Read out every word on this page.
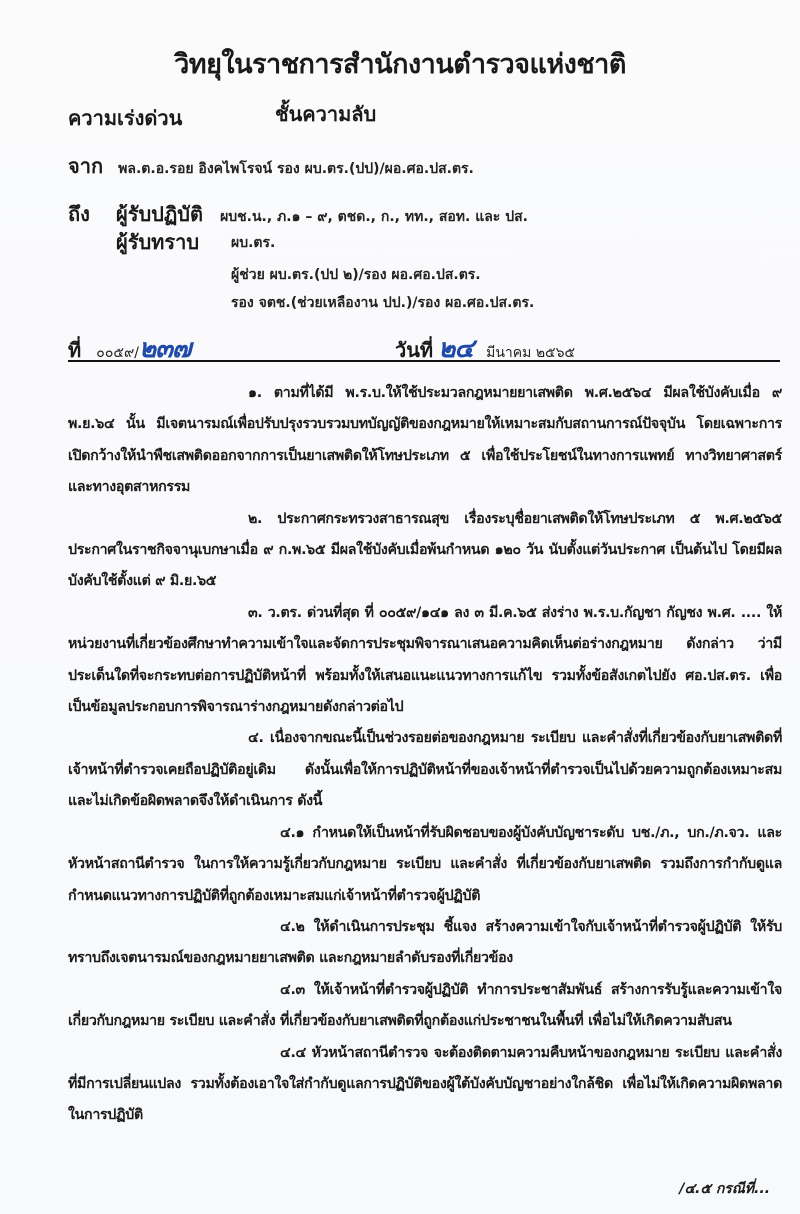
วิทยุในราชการสำนักงานตำรวจแห่งชาติ
ความเร่งด่วน	ชั้นความลับ
จาก พล.ต.อ.รอย อิงคไพโรจน์ รอง ผบ.ตร.(ปป)/ผอ.ศอ.ปส.ตร.
ถึง ผู้รับปฏิบัติ ผบช.น., ภ.๑ – ๙, ตชด., ก., ทท., สอท. และ ปส.
ผู้รับทราบ ผบ.ตร.
ผู้ช่วย ผบ.ตร.(ปป ๒)/รอง ผอ.ศอ.ปส.ตร.
รอง จตช.(ช่วยเหลืองาน ปป.)/รอง ผอ.ศอ.ปส.ตร.
ที่ ๐๐๕๙/๒๓๗	วันที่ ๒๔ มีนาคม ๒๕๖๕

๑. ตามที่ได้มี พ.ร.บ.ให้ใช้ประมวลกฎหมายยาเสพติด พ.ศ.๒๕๖๔ มีผลใช้บังคับเมื่อ ๙ พ.ย.๖๔ นั้น มีเจตนารมณ์เพื่อปรับปรุงรวบรวมบทบัญญัติของกฎหมายให้เหมาะสมกับสถานการณ์ปัจจุบัน โดยเฉพาะการเปิดกว้างให้นำพืชเสพติดออกจากการเป็นยาเสพติดให้โทษประเภท ๕ เพื่อใช้ประโยชน์ในทางการแพทย์ ทางวิทยาศาสตร์ และทางอุตสาหกรรม

๒. ประกาศกระทรวงสาธารณสุข เรื่องระบุชื่อยาเสพติดให้โทษประเภท ๕ พ.ศ.๒๕๖๕ ประกาศในราชกิจจานุเบกษาเมื่อ ๙ ก.พ.๖๕ มีผลใช้บังคับเมื่อพ้นกำหนด ๑๒๐ วัน นับตั้งแต่วันประกาศ เป็นต้นไป โดยมีผลบังคับใช้ตั้งแต่ ๙ มิ.ย.๖๕

๓. ว.ตร. ด่วนที่สุด ที่ ๐๐๕๙/๑๔๑ ลง ๓ มี.ค.๖๕ ส่งร่าง พ.ร.บ.กัญชา กัญชง พ.ศ. .... ให้หน่วยงานที่เกี่ยวข้องศึกษาทำความเข้าใจและจัดการประชุมพิจารณาเสนอความคิดเห็นต่อร่างกฎหมาย ดังกล่าว ว่ามีประเด็นใดที่จะกระทบต่อการปฏิบัติหน้าที่ พร้อมทั้งให้เสนอแนะแนวทางการแก้ไข รวมทั้งข้อสังเกตไปยัง ศอ.ปส.ตร. เพื่อเป็นข้อมูลประกอบการพิจารณาร่างกฎหมายดังกล่าวต่อไป

๔. เนื่องจากขณะนี้เป็นช่วงรอยต่อของกฎหมาย ระเบียบ และคำสั่งที่เกี่ยวข้องกับยาเสพติดที่เจ้าหน้าที่ตำรวจเคยถือปฏิบัติอยู่เดิม ดังนั้นเพื่อให้การปฏิบัติหน้าที่ของเจ้าหน้าที่ตำรวจเป็นไปด้วยความถูกต้องเหมาะสม และไม่เกิดข้อผิดพลาดจึงให้ดำเนินการ ดังนี้

๔.๑ กำหนดให้เป็นหน้าที่รับผิดชอบของผู้บังคับบัญชาระดับ บช./ภ., บก./ภ.จว. และหัวหน้าสถานีตำรวจ ในการให้ความรู้เกี่ยวกับกฎหมาย ระเบียบ และคำสั่ง ที่เกี่ยวข้องกับยาเสพติด รวมถึงการกำกับดูแล กำหนดแนวทางการปฏิบัติที่ถูกต้องเหมาะสมแก่เจ้าหน้าที่ตำรวจผู้ปฏิบัติ

๔.๒ ให้ดำเนินการประชุม ชี้แจง สร้างความเข้าใจกับเจ้าหน้าที่ตำรวจผู้ปฏิบัติ ให้รับทราบถึงเจตนารมณ์ของกฎหมายยาเสพติด และกฎหมายลำดับรองที่เกี่ยวข้อง

๔.๓ ให้เจ้าหน้าที่ตำรวจผู้ปฏิบัติ ทำการประชาสัมพันธ์ สร้างการรับรู้และความเข้าใจเกี่ยวกับกฎหมาย ระเบียบ และคำสั่ง ที่เกี่ยวข้องกับยาเสพติดที่ถูกต้องแก่ประชาชนในพื้นที่ เพื่อไม่ให้เกิดความสับสน

๔.๔ หัวหน้าสถานีตำรวจ จะต้องติดตามความคืบหน้าของกฎหมาย ระเบียบ และคำสั่งที่มีการเปลี่ยนแปลง รวมทั้งต้องเอาใจใส่กำกับดูแลการปฏิบัติของผู้ใต้บังคับบัญชาอย่างใกล้ชิด เพื่อไม่ให้เกิดความผิดพลาดในการปฏิบัติ

/๔.๕ กรณีที่...
